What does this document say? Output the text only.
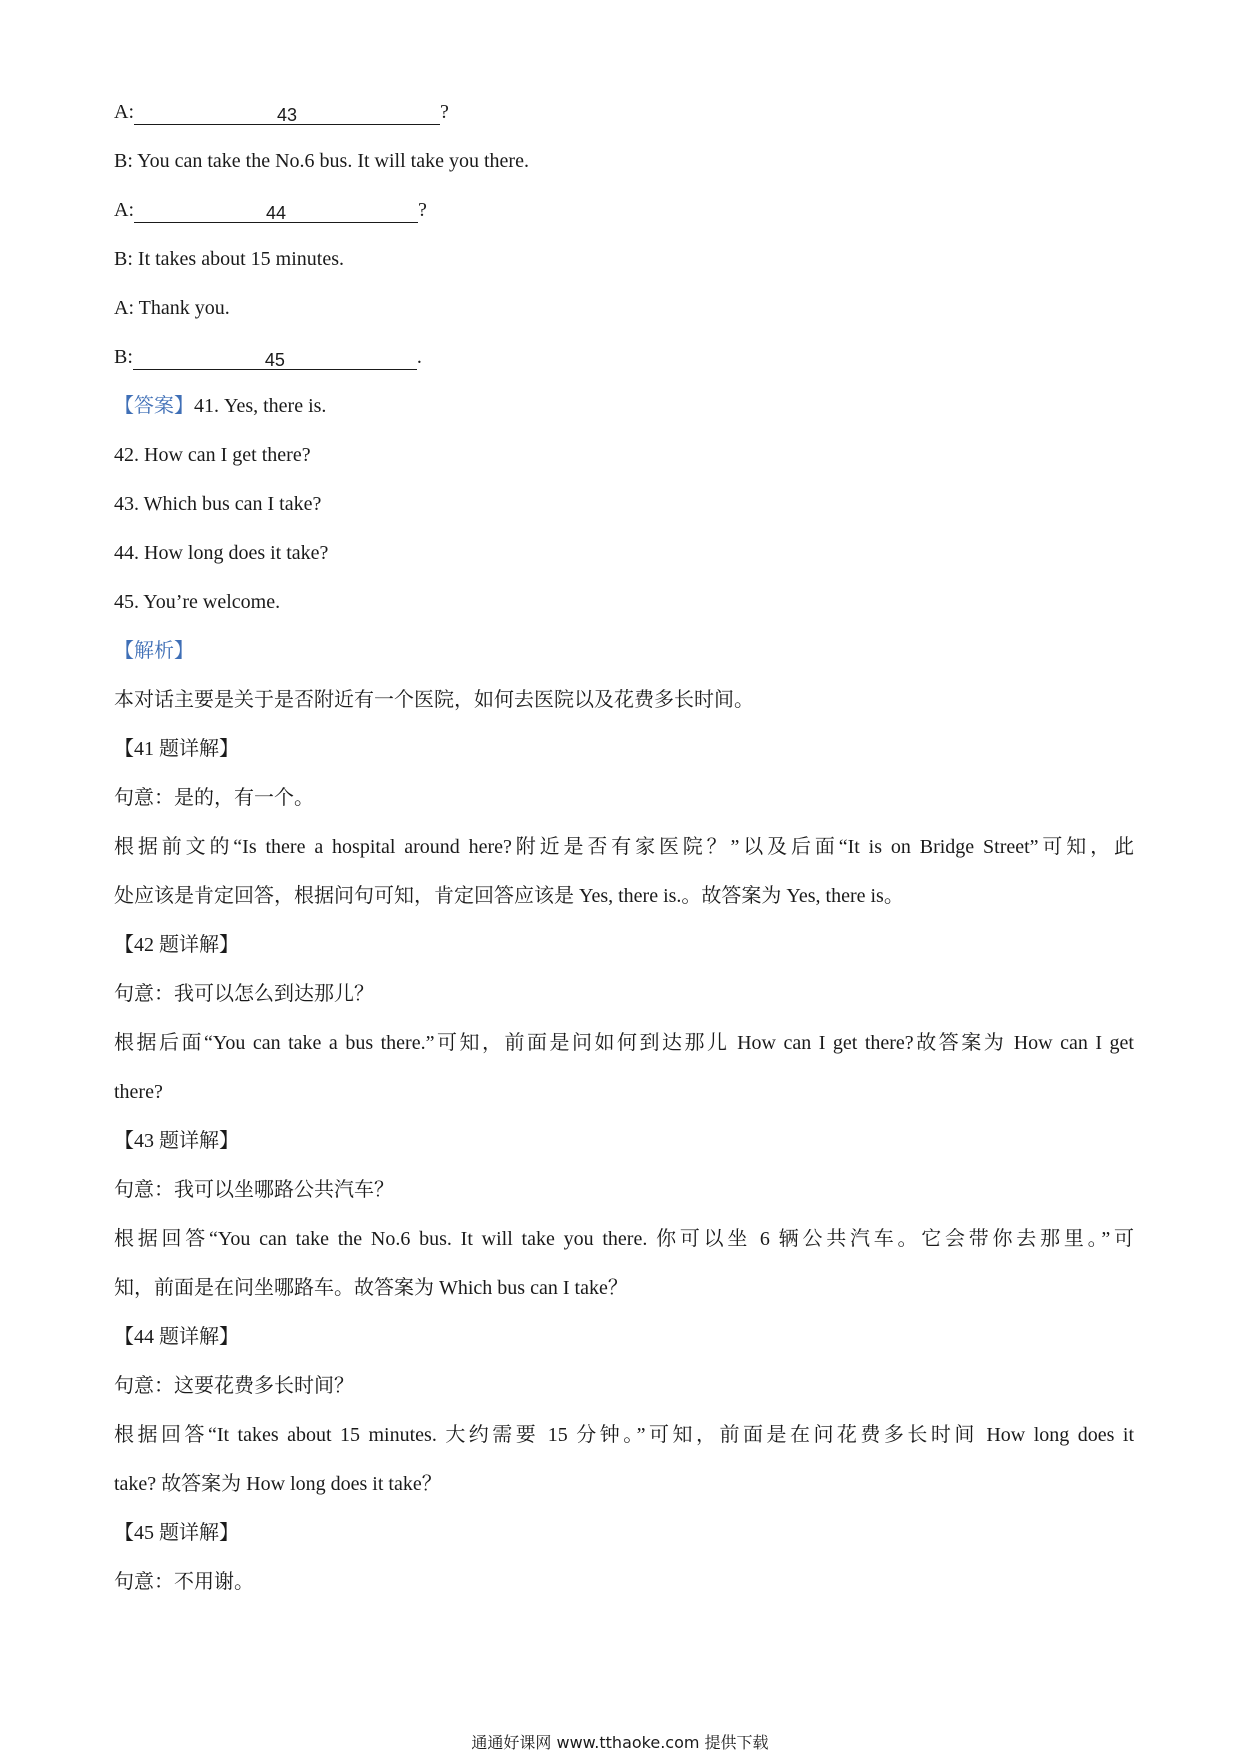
A:	43	?
B: You can take the No.6 bus. It will take you there.
A:	44	?
B: It takes about 15 minutes.
A: Thank you.
B:	45	.
【答案】41. Yes, there is.
42. How can I get there?
43. Which bus can I take?
44. How long does it take?
45. You’re welcome.
【解析】
本对话主要是关于是否附近有一个医院，如何去医院以及花费多长时间。
【41 题详解】
句意：是的，有一个。
根据前文的“Is there a hospital around here?附近是否有家医院？”以及后面“It is on Bridge Street”可知，此
处应该是肯定回答，根据问句可知，肯定回答应该是 Yes, there is.。故答案为 Yes, there is。
【42 题详解】
句意：我可以怎么到达那儿？
根据后面“You can take a bus there.”可知，前面是问如何到达那儿 How can I get there?故答案为 How can I get
there?
【43 题详解】
句意：我可以坐哪路公共汽车？
根据回答“You can take the No.6 bus. It will take you there. 你可以坐 6 辆公共汽车。它会带你去那里。”可
知，前面是在问坐哪路车。故答案为 Which bus can I take？
【44 题详解】
句意：这要花费多长时间？
根据回答“It takes about 15 minutes. 大约需要 15 分钟。”可知，前面是在问花费多长时间 How long does it
take? 故答案为 How long does it take？
【45 题详解】
句意：不用谢。
通通好课网 www.tthaoke.com 提供下载
